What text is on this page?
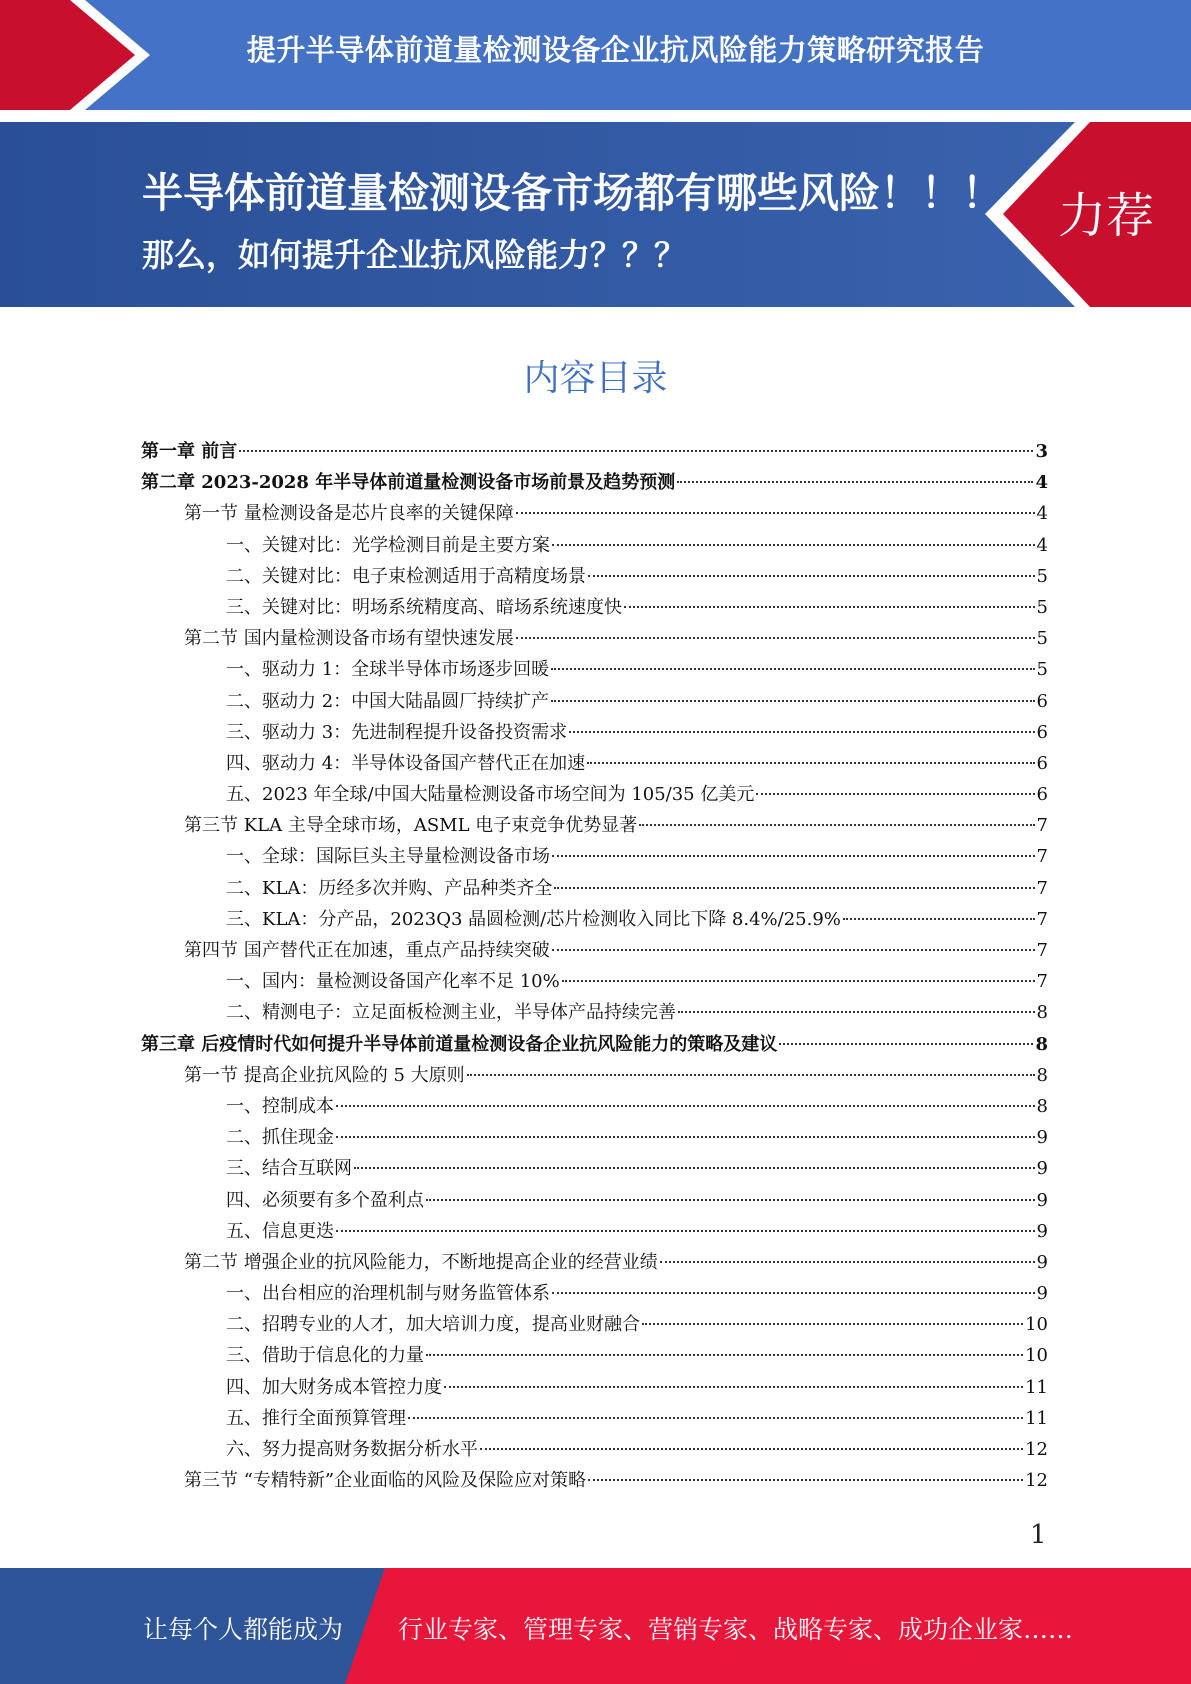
提升半导体前道量检测设备企业抗风险能力策略研究报告
半导体前道量检测设备市场都有哪些风险！！！
那么，如何提升企业抗风险能力？？？
力荐
内容目录
第一章 前言	3
第二章 2023-2028 年半导体前道量检测设备市场前景及趋势预测	4
第一节 量检测设备是芯片良率的关键保障	4
一、关键对比：光学检测目前是主要方案	4
二、关键对比：电子束检测适用于高精度场景	5
三、关键对比：明场系统精度高、暗场系统速度快	5
第二节 国内量检测设备市场有望快速发展	5
一、驱动力 1：全球半导体市场逐步回暖	5
二、驱动力 2：中国大陆晶圆厂持续扩产	6
三、驱动力 3：先进制程提升设备投资需求	6
四、驱动力 4：半导体设备国产替代正在加速	6
五、2023 年全球/中国大陆量检测设备市场空间为 105/35 亿美元	6
第三节 KLA 主导全球市场，ASML 电子束竞争优势显著	7
一、全球：国际巨头主导量检测设备市场	7
二、KLA：历经多次并购、产品种类齐全	7
三、KLA：分产品，2023Q3 晶圆检测/芯片检测收入同比下降 8.4%/25.9%	7
第四节 国产替代正在加速，重点产品持续突破	7
一、国内：量检测设备国产化率不足 10%	7
二、精测电子：立足面板检测主业，半导体产品持续完善	8
第三章 后疫情时代如何提升半导体前道量检测设备企业抗风险能力的策略及建议	8
第一节 提高企业抗风险的 5 大原则	8
一、控制成本	8
二、抓住现金	9
三、结合互联网	9
四、必须要有多个盈利点	9
五、信息更迭	9
第二节 增强企业的抗风险能力，不断地提高企业的经营业绩	9
一、出台相应的治理机制与财务监管体系	9
二、招聘专业的人才，加大培训力度，提高业财融合	10
三、借助于信息化的力量	10
四、加大财务成本管控力度	11
五、推行全面预算管理	11
六、努力提高财务数据分析水平	12
第三节 “专精特新”企业面临的风险及保险应对策略	12
1
让每个人都能成为 行业专家、管理专家、营销专家、战略专家、成功企业家……
